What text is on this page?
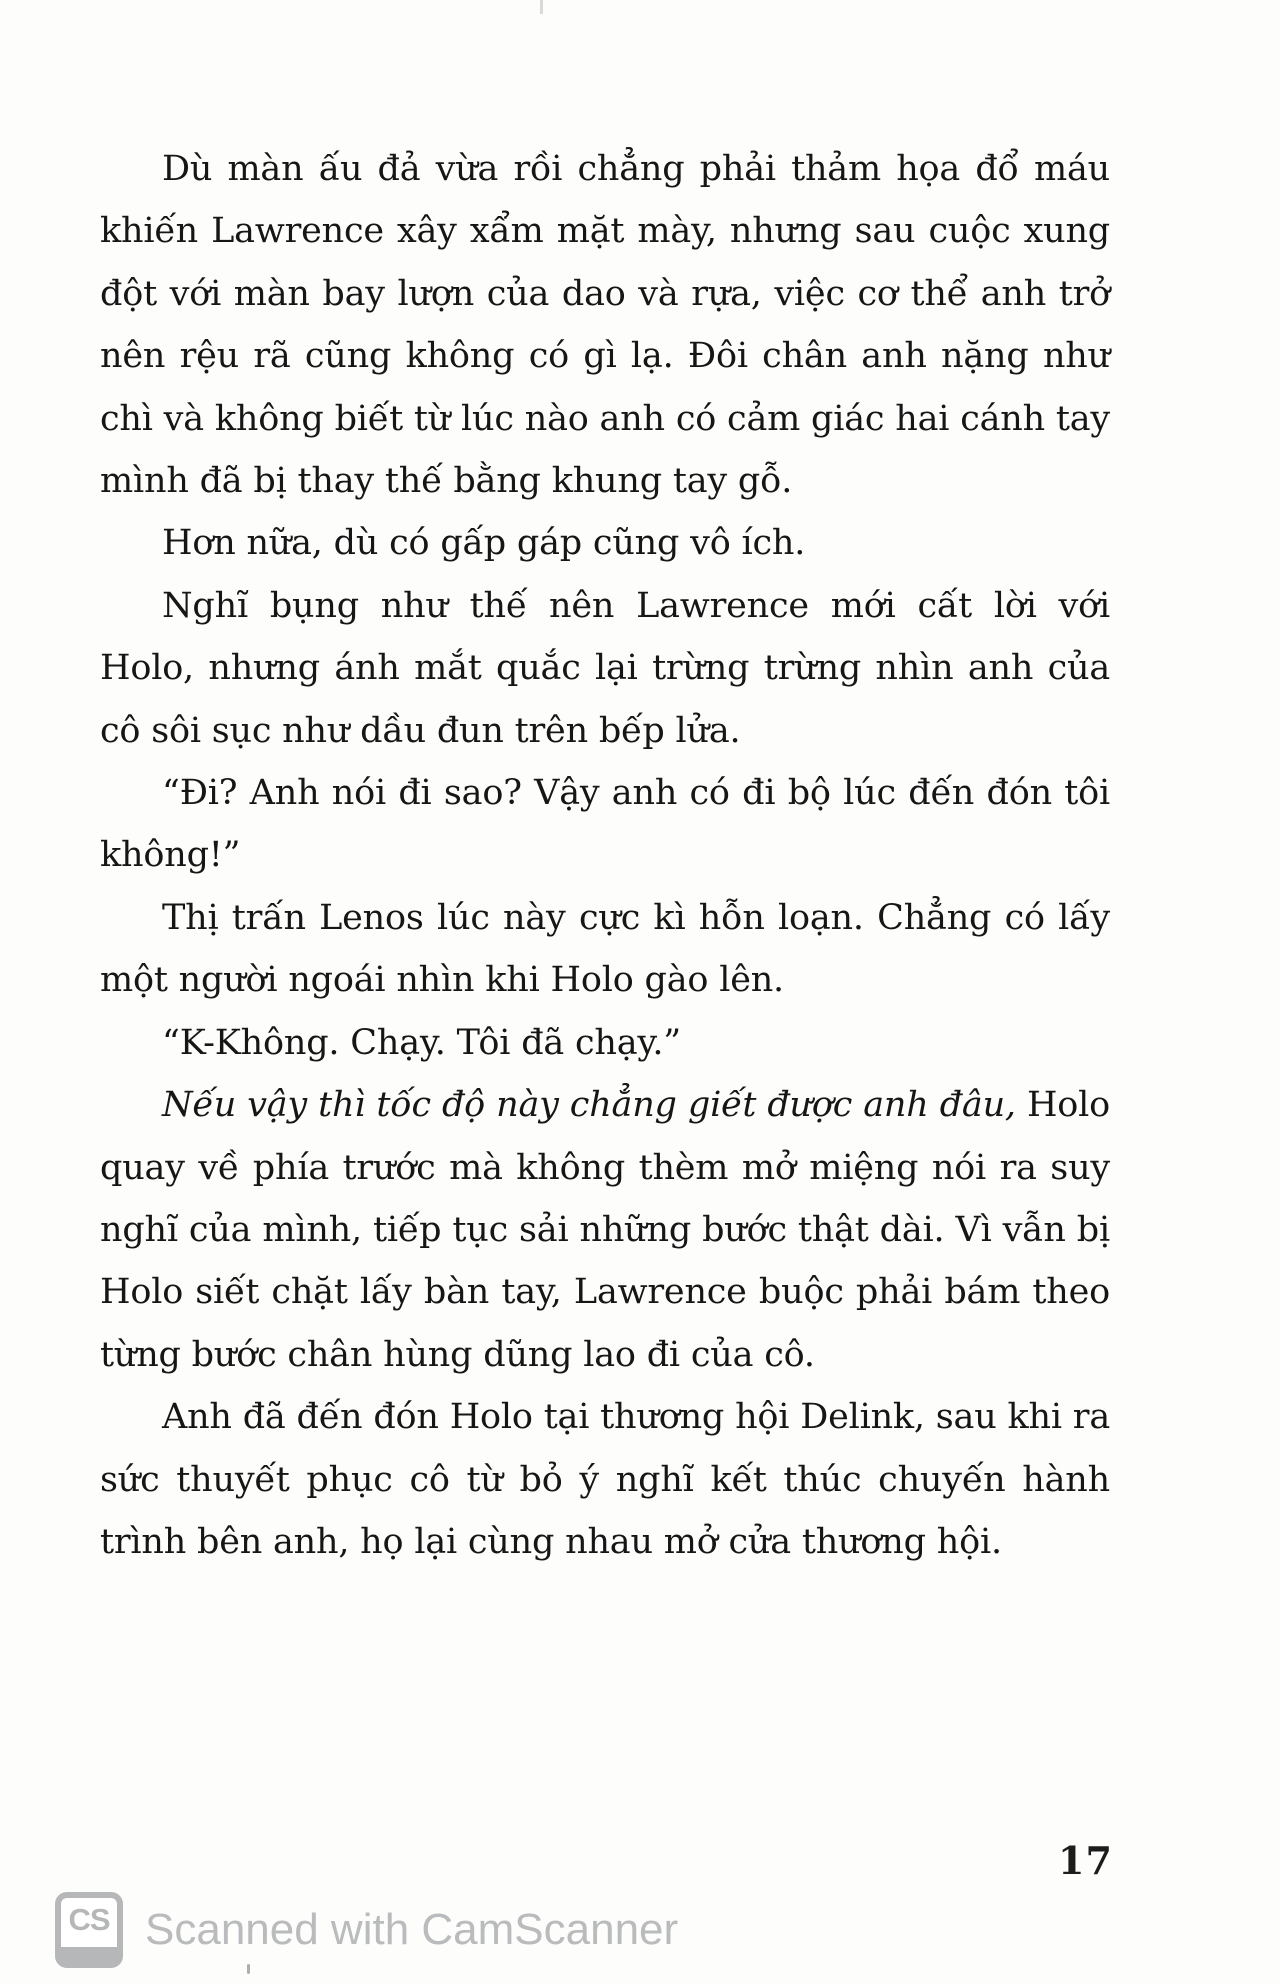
Dù màn ấu đả vừa rồi chẳng phải thảm họa đổ máu khiến Lawrence xây xẩm mặt mày, nhưng sau cuộc xung đột với màn bay lượn của dao và rựa, việc cơ thể anh trở nên rệu rã cũng không có gì lạ. Đôi chân anh nặng như chì và không biết từ lúc nào anh có cảm giác hai cánh tay mình đã bị thay thế bằng khung tay gỗ.

Hơn nữa, dù có gấp gáp cũng vô ích.

Nghĩ bụng như thế nên Lawrence mới cất lời với Holo, nhưng ánh mắt quắc lại trừng trừng nhìn anh của cô sôi sục như dầu đun trên bếp lửa.

“Đi? Anh nói đi sao? Vậy anh có đi bộ lúc đến đón tôi không!”

Thị trấn Lenos lúc này cực kì hỗn loạn. Chẳng có lấy một người ngoái nhìn khi Holo gào lên.

“K-Không. Chạy. Tôi đã chạy.”

Nếu vậy thì tốc độ này chẳng giết được anh đâu, Holo quay về phía trước mà không thèm mở miệng nói ra suy nghĩ của mình, tiếp tục sải những bước thật dài. Vì vẫn bị Holo siết chặt lấy bàn tay, Lawrence buộc phải bám theo từng bước chân hùng dũng lao đi của cô.

Anh đã đến đón Holo tại thương hội Delink, sau khi ra sức thuyết phục cô từ bỏ ý nghĩ kết thúc chuyến hành trình bên anh, họ lại cùng nhau mở cửa thương hội.

17
CS Scanned with CamScanner
